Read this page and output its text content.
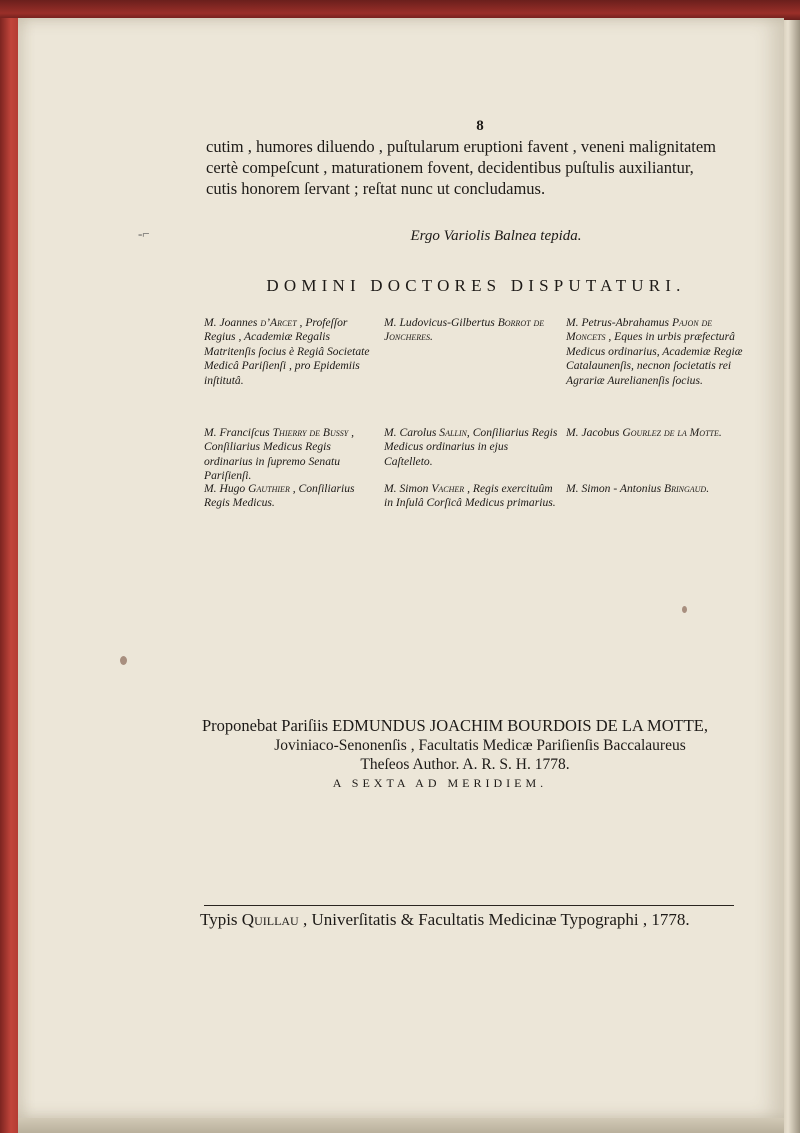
8
cutim , humores diluendo , puſtularum eruptioni favent , veneni malignitatem
certè compeſcunt , maturationem fovent, decidentibus puſtulis auxiliantur,
cutis honorem ſervant ; reſtat nunc ut concludamus.
-⌐	Ergo Variolis Balnea tepida.
DOMINI DOCTORES DISPUTATURI.
M. Joannes d’Arcet , Profeſſor Regius , Academiæ Regalis Matritenſis ſocius è Regiâ Societate Medicâ Pariſienſi , pro Epidemiis inſtitutâ.
M. Ludovicus-Gilbertus Borrot de Joncheres.
M. Petrus-Abrahamus Pajon de Moncets , Eques in urbis præfecturâ Medicus ordinarius, Academiæ Regiæ Catalaunenſis, necnon ſocietatis rei Agrariæ Aurelianenſis ſocius.
M. Franciſcus Thierry de Bussy , Conſiliarius Medicus Regis ordinarius in ſupremo Senatu Pariſienſi.
M. Carolus Sallin, Conſiliarius Regis Medicus ordinarius in ejus Caſtelleto.
M. Jacobus Gourlez de la Motte.
M. Hugo Gauthier , Conſiliarius Regis Medicus.
M. Simon Vacher , Regis exercituûm in Inſulâ Corſicâ Medicus primarius.
M. Simon - Antonius Bringaud.
Proponebat Pariſiis EDMUNDUS JOACHIM BOURDOIS DE LA MOTTE,
Joviniaco-Senonenſis , Facultatis Medicæ Pariſienſis Baccalaureus
Theſeos Author. A. R. S. H. 1778.
A SEXTA AD MERIDIEM.
Typis Quillau , Univerſitatis & Facultatis Medicinæ Typographi , 1778.
